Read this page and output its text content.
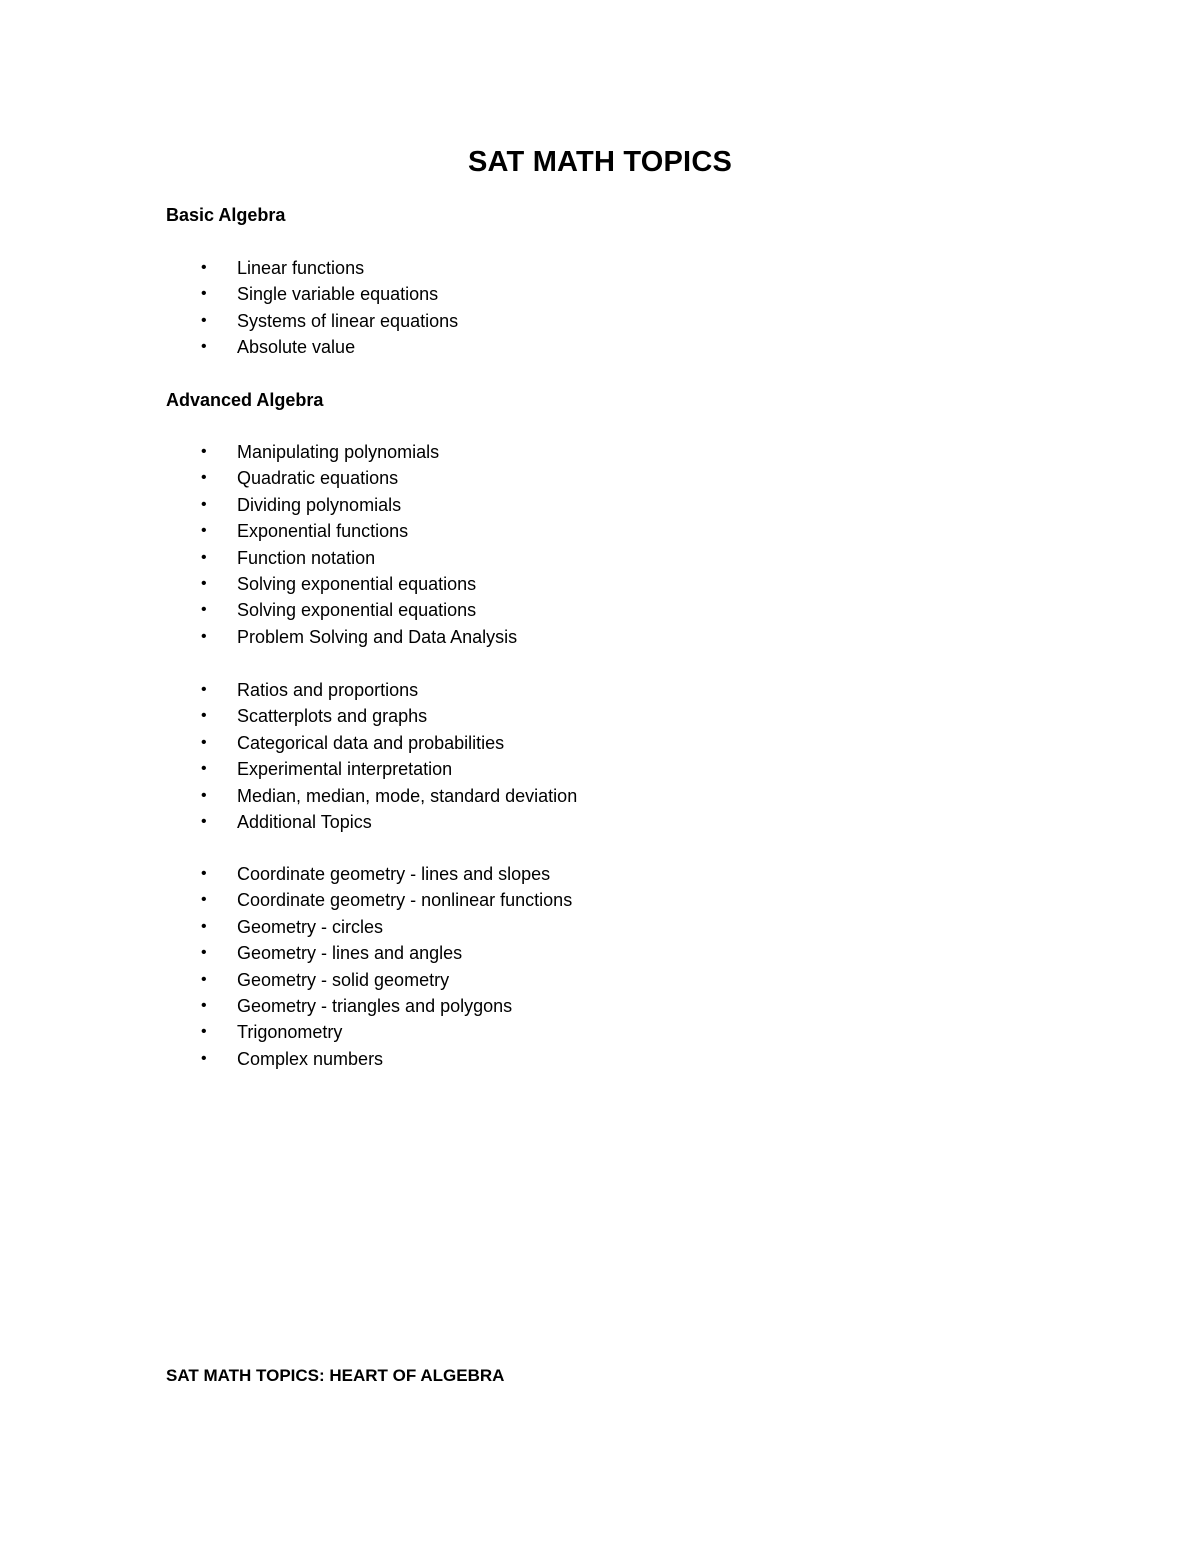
SAT MATH TOPICS
Basic Algebra
• Linear functions
• Single variable equations
• Systems of linear equations
• Absolute value
Advanced Algebra
• Manipulating polynomials
• Quadratic equations
• Dividing polynomials
• Exponential functions
• Function notation
• Solving exponential equations
• Solving exponential equations
• Problem Solving and Data Analysis
• Ratios and proportions
• Scatterplots and graphs
• Categorical data and probabilities
• Experimental interpretation
• Median, median, mode, standard deviation
• Additional Topics
• Coordinate geometry - lines and slopes
• Coordinate geometry - nonlinear functions
• Geometry - circles
• Geometry - lines and angles
• Geometry - solid geometry
• Geometry - triangles and polygons
• Trigonometry
• Complex numbers
SAT MATH TOPICS: HEART OF ALGEBRA
